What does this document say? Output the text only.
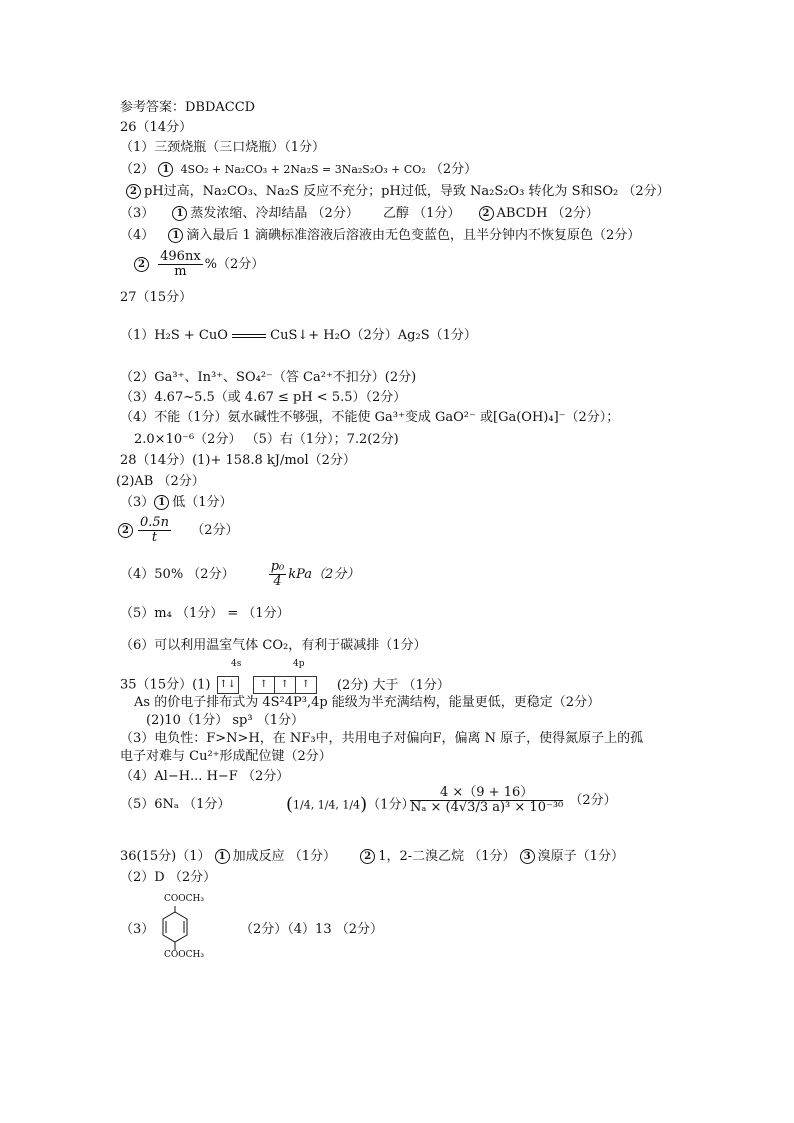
参考答案：DBDACCD
26（14分）
（1）三颈烧瓶（三口烧瓶）（1分）
（2） 1 4SO₂ + Na₂CO₃ + 2Na₂S = 3Na₂S₂O₃ + CO₂ （2分）
2 pH过高，Na₂CO₃、Na₂S 反应不充分；pH过低，导致 Na₂S₂O₃ 转化为 S和SO₂ （2分）
（3） 1 蒸发浓缩、冷却结晶 （2分） 乙醇 （1分） 2 ABCDH （2分）
（4） 1 滴入最后 1 滴碘标准溶液后溶液由无色变蓝色，且半分钟内不恢复原色（2分）
$2 \frac{496nx}{m} \%(2$分）
27（15分）
（1）H₂S + CuO	CuS↓+ H₂O（2分）Ag₂S（1分）
（2）Ga³⁺、In³⁺、SO₄²⁻（答 Ca²⁺不扣分）(2分)
（3）4.67~5.5（或 4.67 ≤ pH < 5.5）（2分）
（4）不能（1分）氨水碱性不够强，不能使 Ga³⁺变成 GaO²⁻ 或[Ga(OH)₄]⁻（2分）；
2.0×10⁻⁶（2分） （5）右（1分）；7.2(2分)
28（14分）(1)+ 158.8 kJ/mol（2分）
(2)AB （2分）
（3） 1 低（1分）
$2 \frac{0.5n}{t} (2$分）
（4）50% （2分）	$\frac{\text{p₀}}{4} kPa(2$分）
（5）m₄ （1分） = （1分）
（6）可以利用温室气体 CO₂，有利于碳减排（1分）
4s	4p
35（15分）(1) ↑↓ ↑ ↑ ↑ (2分) 大于 （1分）
As 的价电子排布式为 4S²4P³,4p 能级为半充满结构，能量更低，更稳定（2分）
(2)10（1分） sp³ （1分）
（3）电负性：F>N>H，在 NF₃中，共用电子对偏向F，偏离 N 原子，使得氮原子上的孤
电子对难与 Cu²⁺形成配位键（2分）
（4）Al−H... H−F （2分）
（5）6Nₐ （1分）	(1/4, 1/4, 1/4)（1分）
$\frac{4 \times(9 + 16)}{\text{Nₐ × (4√3/3 a)³ × 10⁻³⁰}} (2$分）
36(15分)（1） 1 加成反应 （1分）	2 1，2-二溴乙烷 （1分） 3 溴原子（1分）
（2）D （2分）
COOCH₃
COOCH₃
（3）	（2分）（4）13 （2分）
